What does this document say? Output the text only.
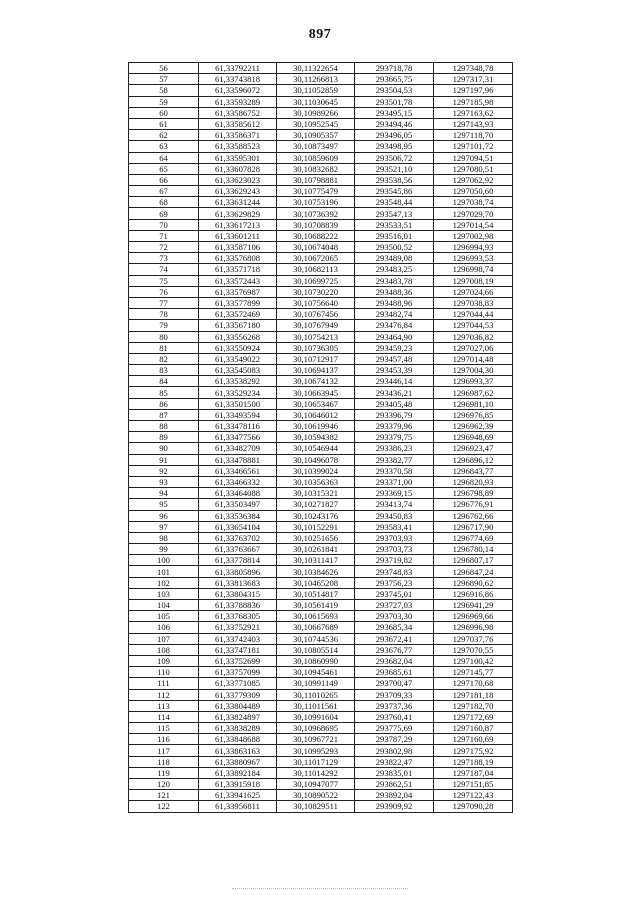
897
56	61,33792211	30,11322654	293718,78	1297348,78
57	61,33743818	30,11266813	293665,75	1297317,31
58	61,33596072	30,11052859	293504,53	1297197,96
59	61,33593289	30,11030645	293501,78	1297185,98
60	61,33586752	30,10989266	293495,15	1297163,62
61	61,33585612	30,10952545	293494,46	1297143,93
62	61,33586371	30,10905357	293496,05	1297118,70
63	61,33588523	30,10873497	293498,95	1297101,72
64	61,33595301	30,10859609	293506,72	1297094,51
65	61,33607828	30,10832682	293521,10	1297080,51
66	61,33623023	30,10798881	293538,56	1297062,92
67	61,33629243	30,10775479	293545,86	1297050,60
68	61,33631244	30,10753196	293548,44	1297038,74
69	61,33629829	30,10736392	293547,13	1297029,70
70	61,33617213	30,10708839	293533,51	1297014,54
71	61,33601211	30,10688222	293516,01	1297002,98
72	61,33587106	30,10674048	293500,52	1296994,93
73	61,33576808	30,10672065	293489,08	1296993,53
74	61,33571718	30,10682113	293483,25	1296998,74
75	61,33572443	30,10699725	293483,78	1297008,19
76	61,33576987	30,10730220	293488,36	1297024,66
77	61,33577899	30,10756640	293488,96	1297038,83
78	61,33572469	30,10767456	293482,74	1297044,44
79	61,33567180	30,10767949	293476,84	1297044,53
80	61,33556268	30,10754213	293464,90	1297036,82
81	61,33550924	30,10736305	293459,23	1297027,06
82	61,33549022	30,10712917	293457,48	1297014,48
83	61,33545083	30,10694137	293453,39	1297004,30
84	61,33538292	30,10674132	293446,14	1296993,37
85	61,33529234	30,10663945	293436,21	1296987,62
86	61,33501500	30,10653467	293405,48	1296981,10
87	61,33493594	30,10646012	293396,79	1296976,85
88	61,33478116	30,10619946	293379,96	1296962,39
89	61,33477566	30,10594382	293379,75	1296948,69
90	61,33482709	30,10546944	293386,23	1296923,47
91	61,33478881	30,10496078	293382,77	1296896,12
92	61,33466561	30,10399024	293370,58	1296843,77
93	61,33466332	30,10356363	293371,00	1296820,93
94	61,33464088	30,10315321	293369,15	1296798,89
95	61,33503497	30,10271827	293413,74	1296776,91
96	61,33536384	30,10243176	293450,83	1296762,66
97	61,33654104	30,10152291	293583,41	1296717,90
98	61,33763702	30,10251656	293703,93	1296774,69
99	61,33763667	30,10261841	293703,73	1296780,14
100	61,33778814	30,10311417	293719,82	1296807,17
101	61,33805896	30,10384626	293748,83	1296847,24
102	61,33813683	30,10465208	293756,23	1296890,62
103	61,33804315	30,10514817	293745,01	1296916,86
104	61,33788836	30,10561419	293727,03	1296941,29
105	61,33768305	30,10615693	293703,30	1296969,66
106	61,33752921	30,10667689	293685,34	1296996,98
107	61,33742403	30,10744536	293672,41	1297037,76
108	61,33747181	30,10805514	293676,77	1297070,55
109	61,33752699	30,10860990	293682,04	1297100,42
110	61,33757099	30,10945461	293685,61	1297145,77
111	61,33771085	30,10991149	293700,47	1297170,68
112	61,33779309	30,11010265	293709,33	1297181,18
113	61,33804489	30,11011561	293737,36	1297182,70
114	61,33824897	30,10991604	293760,41	1297172,69
115	61,33838289	30,10968695	293775,69	1297160,87
116	61,33848688	30,10967721	293787,29	1297160,69
117	61,33863163	30,10995293	293802,98	1297175,92
118	61,33880967	30,11017129	293822,47	1297188,19
119	61,33892184	30,11014292	293835,01	1297187,04
120	61,33915918	30,10947077	293862,51	1297151,85
121	61,33941625	30,10890522	293892,04	1297122,43
122	61,33956811	30,10829511	293909,92	1297090,28
